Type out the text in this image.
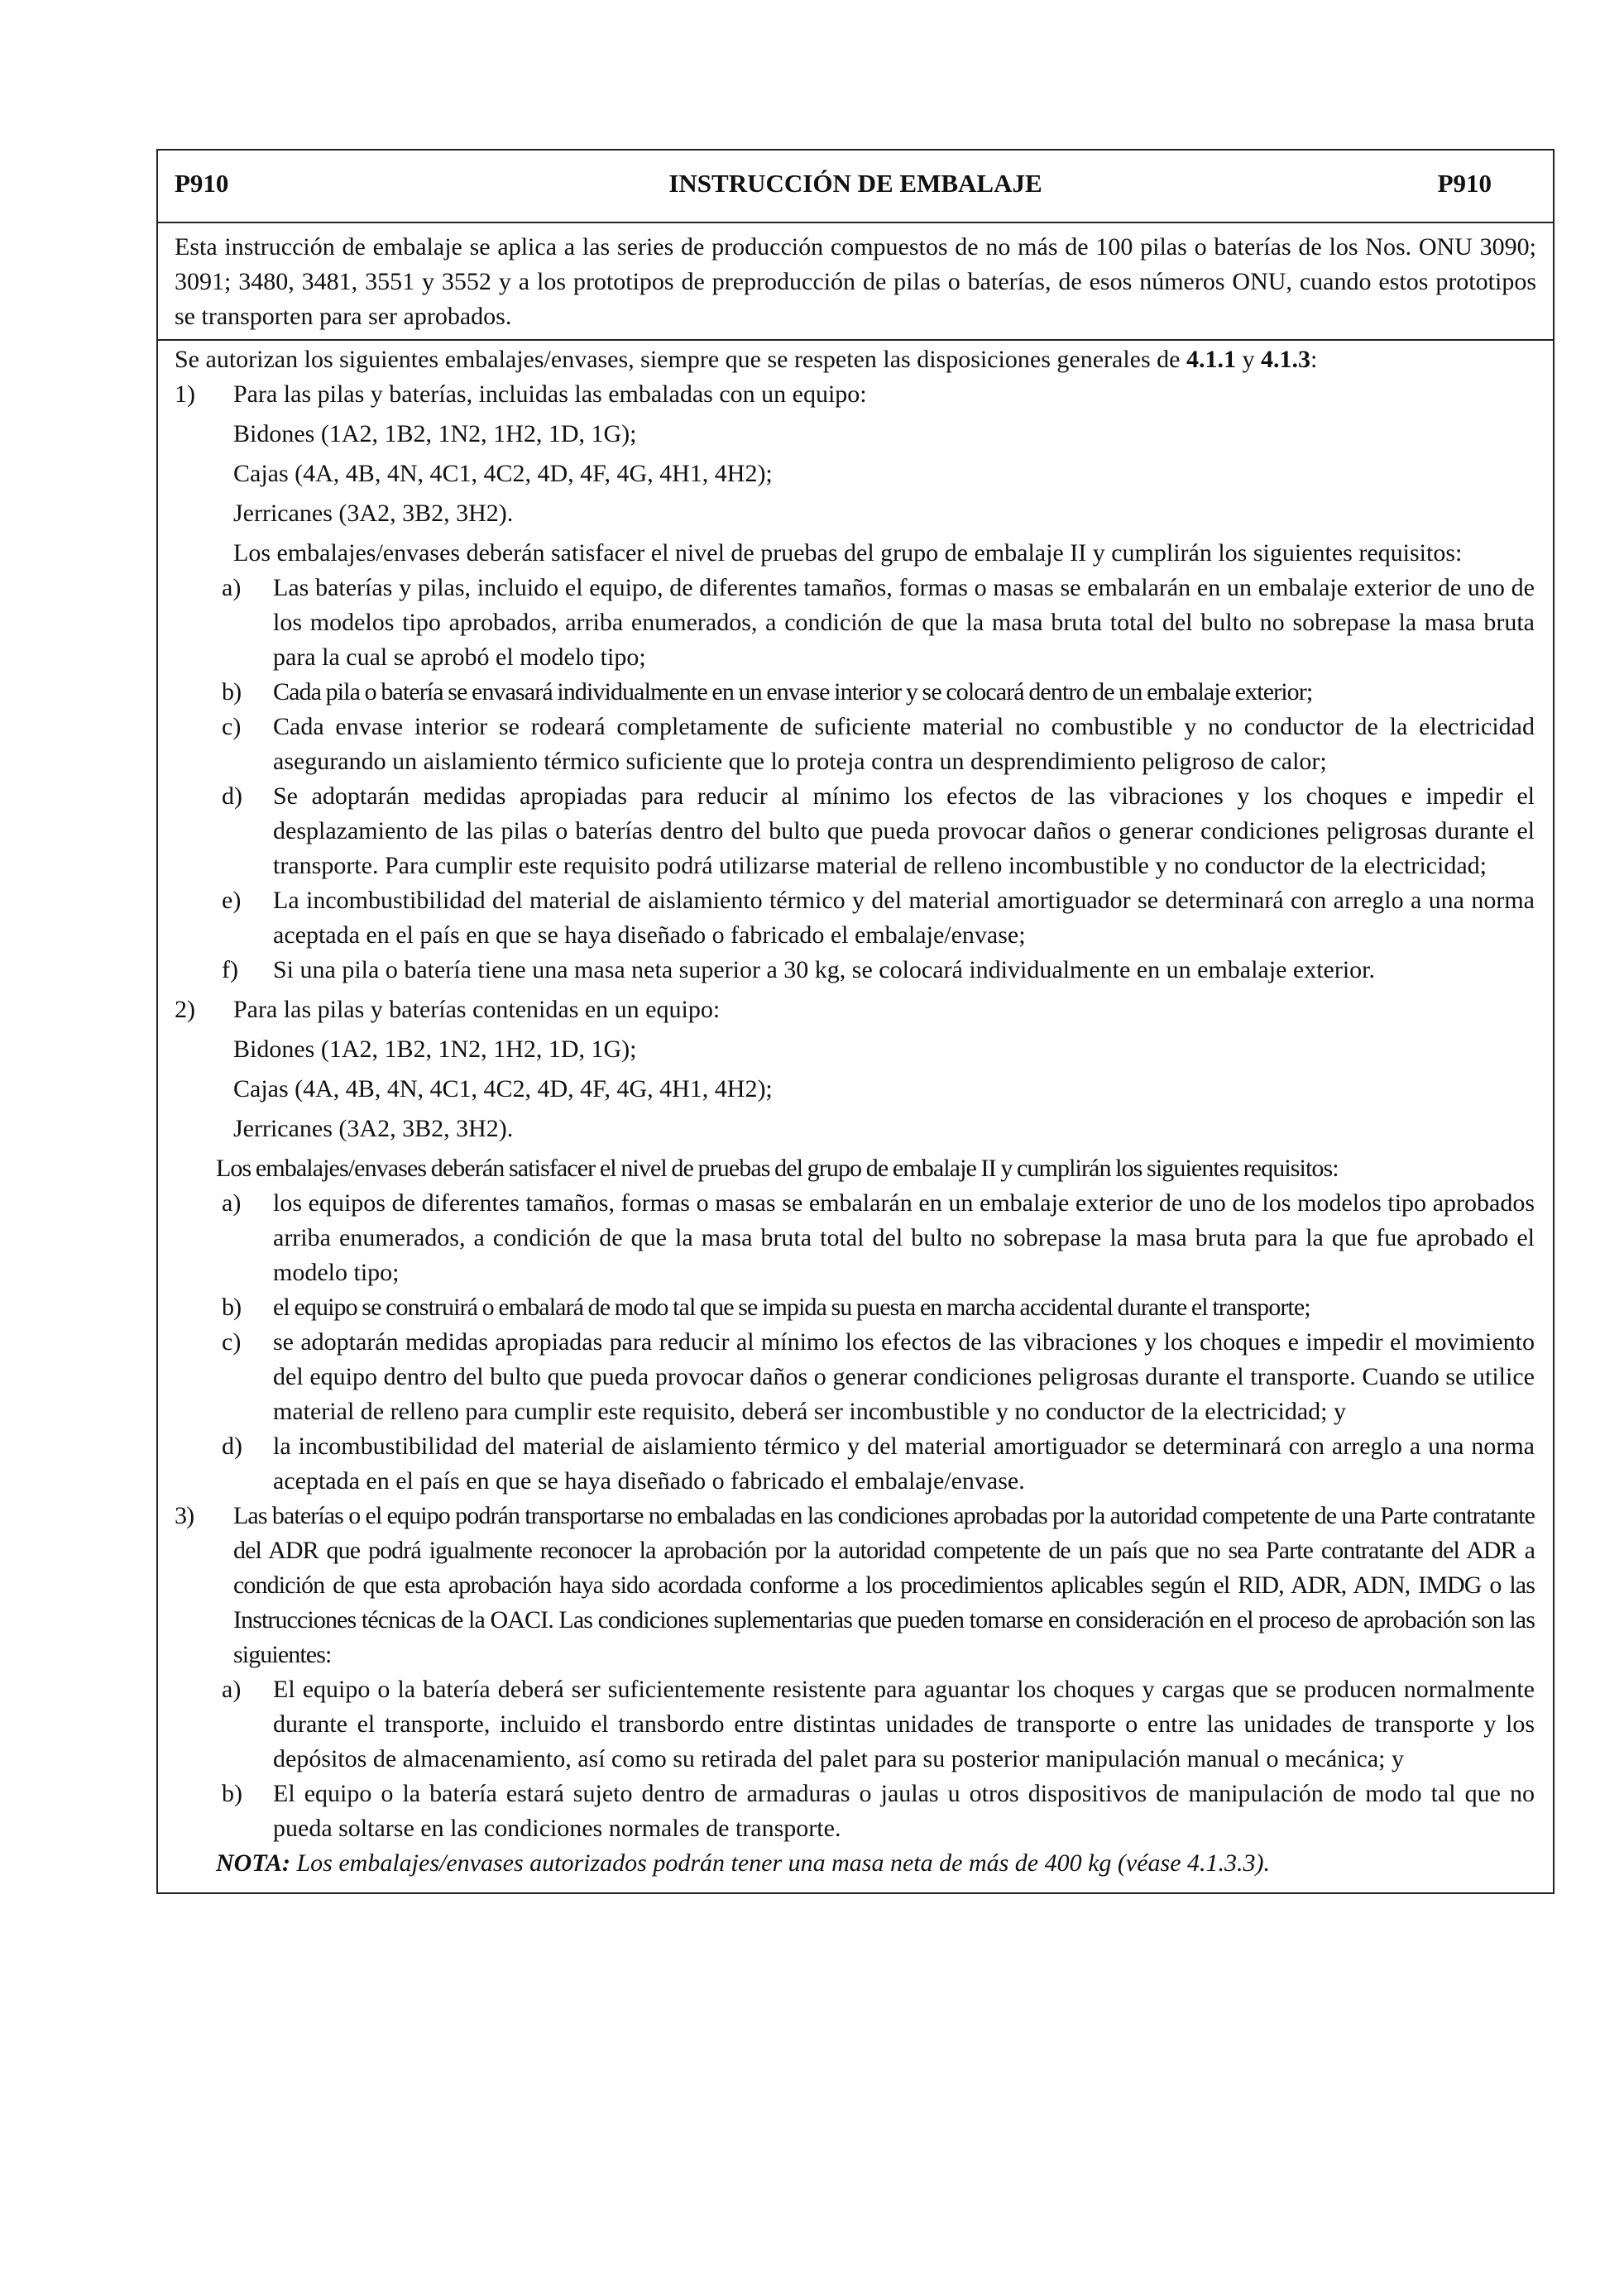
P910	INSTRUCCIÓN DE EMBALAJE	P910
Esta instrucción de embalaje se aplica a las series de producción compuestos de no más de 100 pilas o baterías de los Nos. ONU 3090; 3091; 3480, 3481, 3551 y 3552 y a los prototipos de preproducción de pilas o baterías, de esos números ONU, cuando estos prototipos se transporten para ser aprobados.
Se autorizan los siguientes embalajes/envases, siempre que se respeten las disposiciones generales de 4.1.1 y 4.1.3:
1) Para las pilas y baterías, incluidas las embaladas con un equipo:
Bidones (1A2, 1B2, 1N2, 1H2, 1D, 1G);
Cajas (4A, 4B, 4N, 4C1, 4C2, 4D, 4F, 4G, 4H1, 4H2);
Jerricanes (3A2, 3B2, 3H2).
Los embalajes/envases deberán satisfacer el nivel de pruebas del grupo de embalaje II y cumplirán los siguientes requisitos:
a) Las baterías y pilas, incluido el equipo, de diferentes tamaños, formas o masas se embalarán en un embalaje exterior de uno de los modelos tipo aprobados, arriba enumerados, a condición de que la masa bruta total del bulto no sobrepase la masa bruta para la cual se aprobó el modelo tipo;
b) Cada pila o batería se envasará individualmente en un envase interior y se colocará dentro de un embalaje exterior;
c) Cada envase interior se rodeará completamente de suficiente material no combustible y no conductor de la electricidad asegurando un aislamiento térmico suficiente que lo proteja contra un desprendimiento peligroso de calor;
d) Se adoptarán medidas apropiadas para reducir al mínimo los efectos de las vibraciones y los choques e impedir el desplazamiento de las pilas o baterías dentro del bulto que pueda provocar daños o generar condiciones peligrosas durante el transporte. Para cumplir este requisito podrá utilizarse material de relleno incombustible y no conductor de la electricidad;
e) La incombustibilidad del material de aislamiento térmico y del material amortiguador se determinará con arreglo a una norma aceptada en el país en que se haya diseñado o fabricado el embalaje/envase;
f) Si una pila o batería tiene una masa neta superior a 30 kg, se colocará individualmente en un embalaje exterior.
2) Para las pilas y baterías contenidas en un equipo:
Bidones (1A2, 1B2, 1N2, 1H2, 1D, 1G);
Cajas (4A, 4B, 4N, 4C1, 4C2, 4D, 4F, 4G, 4H1, 4H2);
Jerricanes (3A2, 3B2, 3H2).
Los embalajes/envases deberán satisfacer el nivel de pruebas del grupo de embalaje II y cumplirán los siguientes requisitos:
a) los equipos de diferentes tamaños, formas o masas se embalarán en un embalaje exterior de uno de los modelos tipo aprobados arriba enumerados, a condición de que la masa bruta total del bulto no sobrepase la masa bruta para la que fue aprobado el modelo tipo;
b) el equipo se construirá o embalará de modo tal que se impida su puesta en marcha accidental durante el transporte;
c) se adoptarán medidas apropiadas para reducir al mínimo los efectos de las vibraciones y los choques e impedir el movimiento del equipo dentro del bulto que pueda provocar daños o generar condiciones peligrosas durante el transporte. Cuando se utilice material de relleno para cumplir este requisito, deberá ser incombustible y no conductor de la electricidad; y
d) la incombustibilidad del material de aislamiento térmico y del material amortiguador se determinará con arreglo a una norma aceptada en el país en que se haya diseñado o fabricado el embalaje/envase.
3) Las baterías o el equipo podrán transportarse no embaladas en las condiciones aprobadas por la autoridad competente de una Parte contratante del ADR que podrá igualmente reconocer la aprobación por la autoridad competente de un país que no sea Parte contratante del ADR a condición de que esta aprobación haya sido acordada conforme a los procedimientos aplicables según el RID, ADR, ADN, IMDG o las Instrucciones técnicas de la OACI. Las condiciones suplementarias que pueden tomarse en consideración en el proceso de aprobación son las siguientes:
a) El equipo o la batería deberá ser suficientemente resistente para aguantar los choques y cargas que se producen normalmente durante el transporte, incluido el transbordo entre distintas unidades de transporte o entre las unidades de transporte y los depósitos de almacenamiento, así como su retirada del palet para su posterior manipulación manual o mecánica; y
b) El equipo o la batería estará sujeto dentro de armaduras o jaulas u otros dispositivos de manipulación de modo tal que no pueda soltarse en las condiciones normales de transporte.
NOTA: Los embalajes/envases autorizados podrán tener una masa neta de más de 400 kg (véase 4.1.3.3).
